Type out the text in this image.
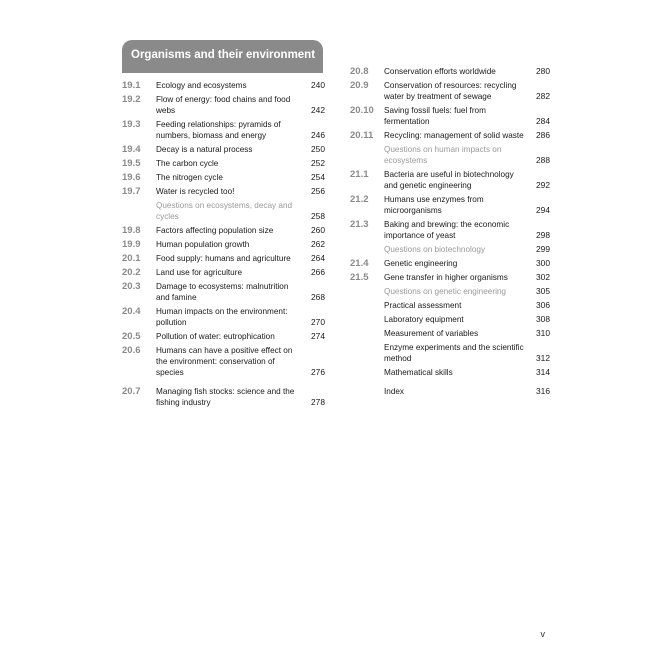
Organisms and their environment
19.1 Ecology and ecosystems	240
19.2 Flow of energy: food chains and food webs	242
19.3 Feeding relationships: pyramids of numbers, biomass and energy	246
19.4 Decay is a natural process	250
19.5 The carbon cycle	252
19.6 The nitrogen cycle	254
19.7 Water is recycled too!	256
Questions on ecosystems, decay and cycles	258
19.8 Factors affecting population size	260
19.9 Human population growth	262
20.1 Food supply: humans and agriculture	264
20.2 Land use for agriculture	266
20.3 Damage to ecosystems: malnutrition and famine	268
20.4 Human impacts on the environment: pollution	270
20.5 Pollution of water: eutrophication	274
20.6 Humans can have a positive effect on the environment: conservation of species	276
20.7 Managing fish stocks: science and the fishing industry	278
20.8 Conservation efforts worldwide	280
20.9 Conservation of resources: recycling water by treatment of sewage	282
20.10 Saving fossil fuels: fuel from fermentation	284
20.11 Recycling: management of solid waste 286
Questions on human impacts on ecosystems	288
21.1 Bacteria are useful in biotechnology and genetic engineering	292
21.2 Humans use enzymes from microorganisms	294
21.3 Baking and brewing: the economic importance of yeast	298
Questions on biotechnology	299
21.4 Genetic engineering	300
21.5 Gene transfer in higher organisms	302
Questions on genetic engineering	305
Practical assessment	306
Laboratory equipment	308
Measurement of variables	310
Enzyme experiments and the scientific method	312
Mathematical skills	314
Index	316
v
